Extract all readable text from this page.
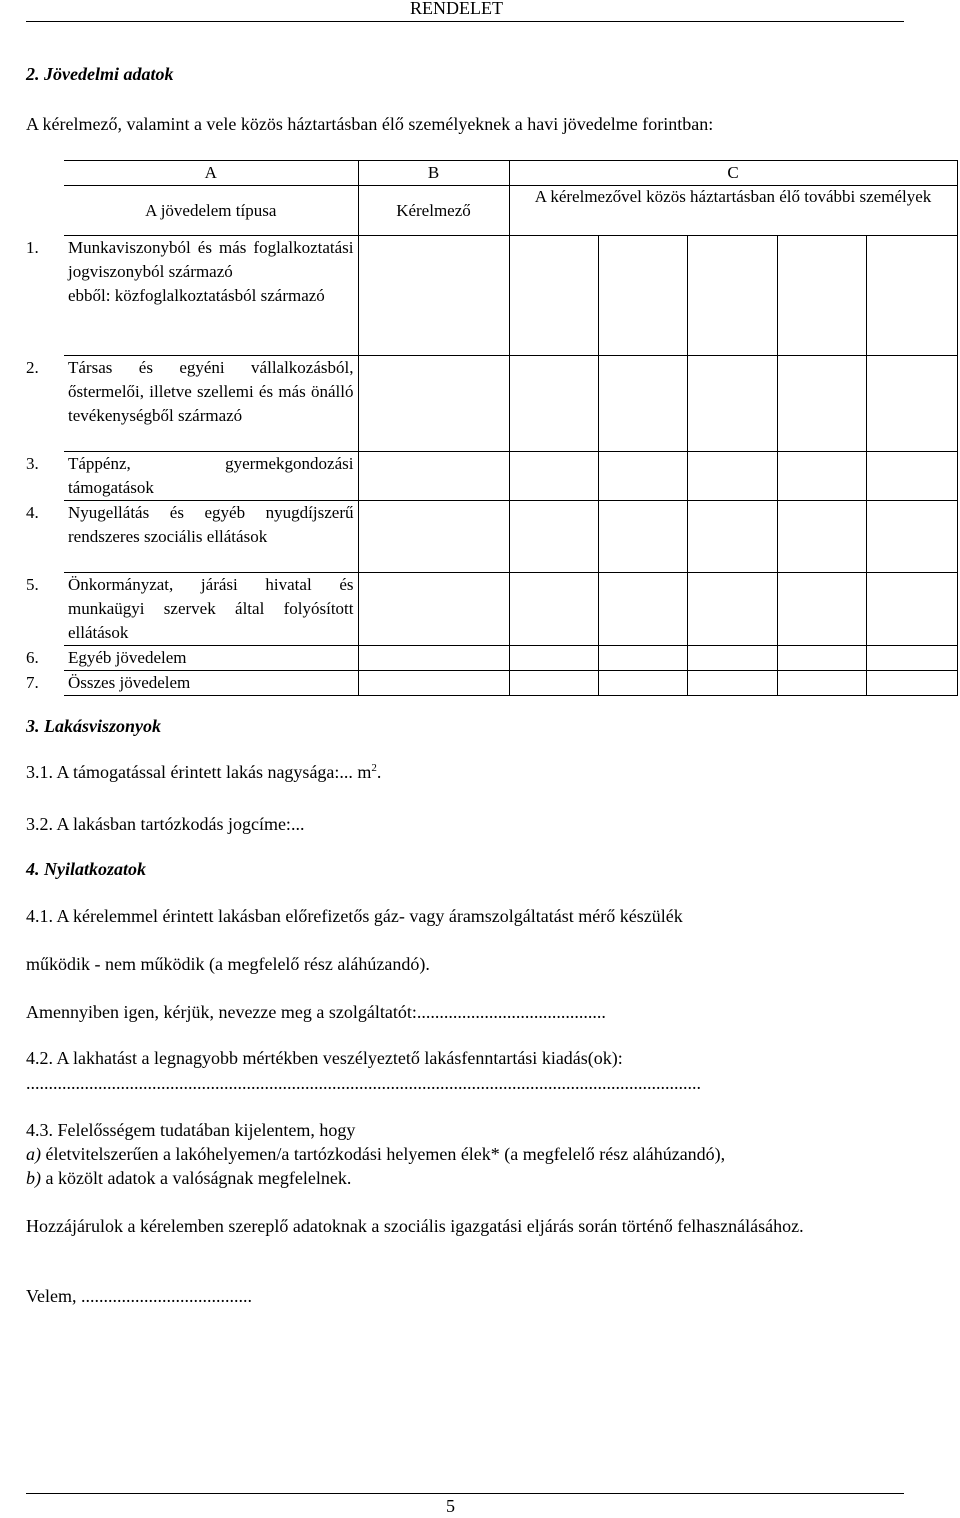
RENDELET
2. Jövedelmi adatok
A kérelmező, valamint a vele közös háztartásban élő személyeknek a havi jövedelme forintban:
	A	B	C				
	A jövedelem típusa	Kérelmező	A kérelmezővel közös háztartásban élő további személyek				
1.	Munkaviszonyból és más foglalkoztatási jogviszonyból származó
ebből: közfoglalkoztatásból származó						

2.	Társas és egyéni vállalkozásból, őstermelői, illetve szellemi és más önálló tevékenységből származó						
3.	Táppénz, gyermekgondozási támogatások						
4.	Nyugellátás és egyéb nyugdíjszerű rendszeres szociális ellátások						
5.	Önkormányzat, járási hivatal és munkaügyi szervek által folyósított ellátások						
6.	Egyéb jövedelem						
7.	Összes jövedelem						
3. Lakásviszonyok
3.1. A támogatással érintett lakás nagysága:... $m^2$.
3.2. A lakásban tartózkodás jogcíme:...
4. Nyilatkozatok
4.1. A kérelemmel érintett lakásban előrefizetős gáz- vagy áramszolgáltatást mérő készülék
működik - nem működik (a megfelelő rész aláhúzandó).
Amennyiben igen, kérjük, nevezze meg a szolgáltatót:..........................................
4.2. A lakhatást a legnagyobb mértékben veszélyeztető lakásfenntartási kiadás(ok):
......................................................................................................................................................
4.3. Felelősségem tudatában kijelentem, hogy
a) életvitelszerűen a lakóhelyemen/a tartózkodási helyemen élek* (a megfelelő rész aláhúzandó),
b) a közölt adatok a valóságnak megfelelnek.
Hozzájárulok a kérelemben szereplő adatoknak a szociális igazgatási eljárás során történő felhasználásához.
Velem, ......................................
5
